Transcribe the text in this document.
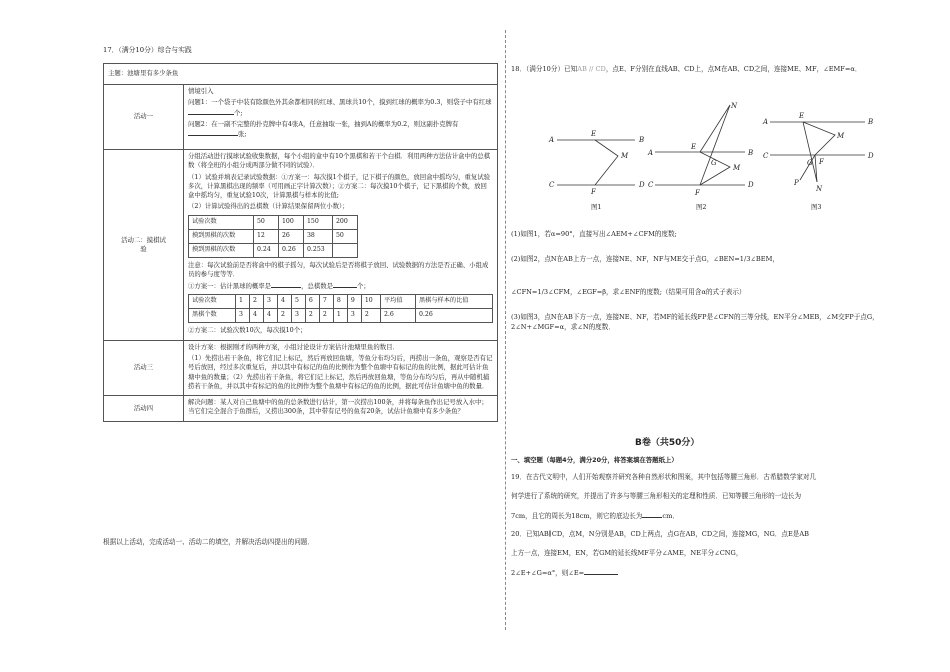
17．（满分10分）综合与实践
主题：池塘里有多少条鱼
活动一	
情境引入
问题1：一个袋子中装有除颜色外其余都相同的红球、黑球共10个，摸到红球的概率为0.3，则袋子中有红球个;
问题2：在一副不完整的扑克牌中有4张A，任意抽取一张，抽到A的概率为0.2，则这副扑克牌有张;

活动二：摸棋试验	
分组活动进行摸球试验收集数据，每个小组的盒中有10个黑棋和若干个白棋．利用两种方法估计盒中的总棋数（将全班的小组分成两部分做不同的试验）．
（1）试验并填表记录试验数据：①方案一：每次摸1个棋子，记下棋子的颜色，放回盒中摇均匀，重复试验多次，计算黑棋出现的频率（可用画正字计算次数）；②方案二：每次摸10个棋子，记下黑棋的个数，放回盒中摇均匀，重复试验10次，计算黑棋与样本的比值;
（2）计算试验得出的总棋数（计算结果保留两位小数）；
试验次数	50	100	150	200
摸到黑棋的次数	12	26	38	50
摸到黑棋的次数	0.24	0.26	0.253	
注意：每次试验前是否将盒中的棋子摇匀，每次试验后是否将棋子放回、试验数据的方法是否正确、小组成员的参与度等等．
①方案一：估计黑球的概率是	，总棋数是	个；
试验次数	1	2	3	4	5	6	7	8	9	10	平均值	黑棋与样本的比值
黑棋个数	3	4	4	2	3	2	2	1	3	2	2.6	0.26
②方案二：试验次数10次，每次摸10个；

活动三	
设计方案：根据刚才的两种方案，小组讨论设计方案估计池塘里鱼的数目．
（1）先捞出若干条鱼，将它们记上标记，然后再放回鱼塘，等鱼分布均匀后，再捞出一条鱼，观察是否有记号后放回，经过多次重复后，并以其中有标记的鱼的比例作为整个鱼塘中有标记的鱼的比例，据此可估计鱼塘中鱼的数量；（2）先捞出若干条鱼，将它们记上标记，然后再放回鱼塘，等鱼分布均匀后，再从中随机捕捞若干条鱼，并以其中有标记的鱼的比例作为整个鱼塘中有标记的鱼的比例，据此可估计鱼塘中鱼的数量．

活动四	
解决问题：某人对自己鱼塘中的鱼的总条数进行估计，第一次捞出100条，并将每条鱼作出记号放入水中；当它们完全混合于鱼群后，又捞出300条，其中带有记号的鱼有20条，试估计鱼塘中有多少条鱼？
根据以上活动，完成活动一、活动二的填空，并解决活动四提出的问题．
18．（满分10分）已知AB // CD，点E、F分别在直线AB、CD上，点M在AB、CD之间，连接ME、MF，∠EMF=α．
A	B
C	D
E
M
F
A	B
C	D
E
M
N
G
F
A	B
C	D
E
M
G F
P
N
图1	图2	图3
(1)如图1，若α=90°，直接写出∠AEM+∠CFM的度数;
(2)如图2，点N在AB上方一点，连接NE、NF，NF与ME交于点G，∠BEN=1/3∠BEM，
∠CFN=1/3∠CFM，∠EGF=β，求∠ENF的度数;（结果可用含α的式子表示）
(3)如图3，点N在AB下方一点，连接NE、NF，若MF的延长线FP是∠CFN的三等分线，EN平分∠MEB，∠M交FP于点G，2∠N+∠MGF=α，求∠N的度数．
B卷（共50分）
一、填空题（每题4分，满分20分，将答案填在答题纸上）
19．在古代文明中，人们开始观察并研究各种自然形状和图案，其中包括等腰三角形．古希腊数学家对几
何学进行了系统的研究，并提出了许多与等腰三角形相关的定理和性质．已知等腰三角形的一边长为
7cm，且它的周长为18cm，则它的底边长为	cm．
20．已知AB∥CD，点M，N分别是AB，CD上两点，点G在AB，CD之间，连接MG，NG．点E是AB
上方一点，连接EM，EN，若GM的延长线MF平分∠AME，NE平分∠CNG，
2∠E+∠G=α°，则∠E=
